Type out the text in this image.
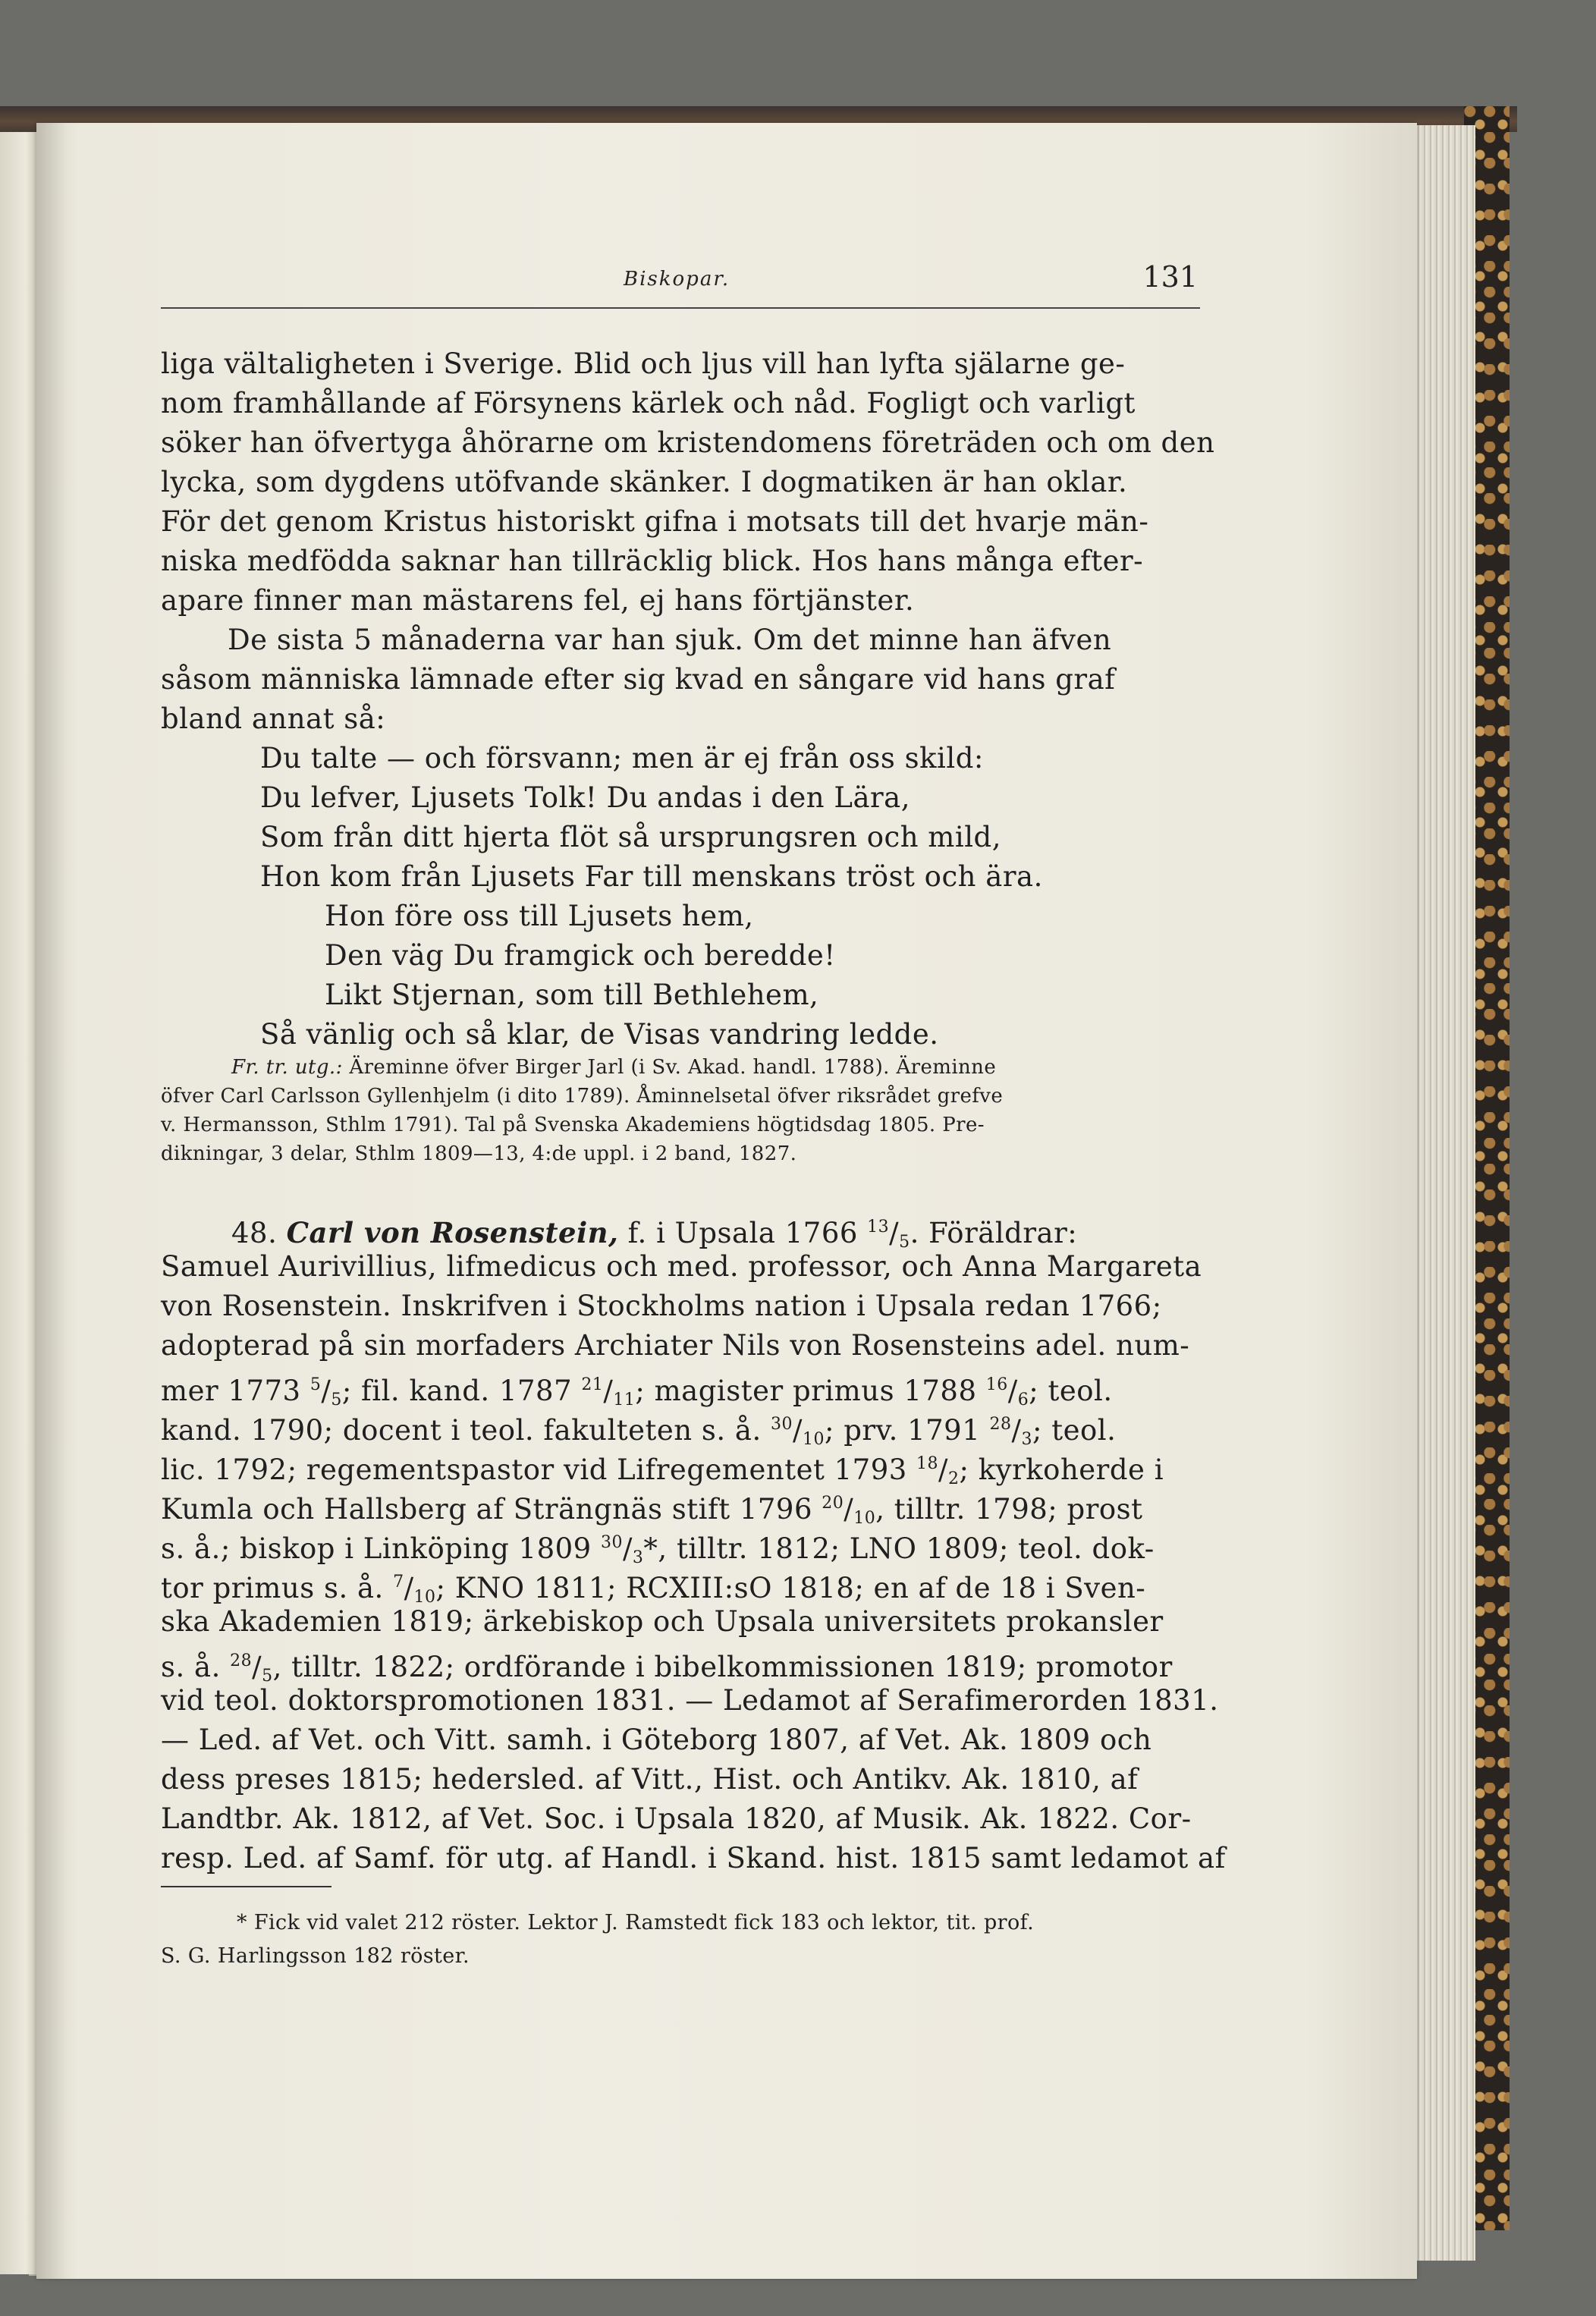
Biskopar.	131
liga vältaligheten i Sverige. Blid och ljus vill han lyfta själarne ge-
nom framhållande af Försynens kärlek och nåd. Fogligt och varligt
söker han öfvertyga åhörarne om kristendomens företräden och om den
lycka, som dygdens utöfvande skänker. I dogmatiken är han oklar.
För det genom Kristus historiskt gifna i motsats till det hvarje män-
niska medfödda saknar han tillräcklig blick. Hos hans många efter-
apare finner man mästarens fel, ej hans förtjänster.
De sista 5 månaderna var han sjuk. Om det minne han äfven
såsom människa lämnade efter sig kvad en sångare vid hans graf
bland annat så:
Du talte — och försvann; men är ej från oss skild:
Du lefver, Ljusets Tolk! Du andas i den Lära,
Som från ditt hjerta flöt så ursprungsren och mild,
Hon kom från Ljusets Far till menskans tröst och ära.
Hon före oss till Ljusets hem,
Den väg Du framgick och beredde!
Likt Stjernan, som till Bethlehem,
Så vänlig och så klar, de Visas vandring ledde.
Fr. tr. utg.: Äreminne öfver Birger Jarl (i Sv. Akad. handl. 1788). Äreminne
öfver Carl Carlsson Gyllenhjelm (i dito 1789). Åminnelsetal öfver riksrådet grefve
v. Hermansson, Sthlm 1791). Tal på Svenska Akademiens högtidsdag 1805. Pre-
dikningar, 3 delar, Sthlm 1809—13, 4:de uppl. i 2 band, 1827.
48. Carl von Rosenstein, f. i Upsala 1766 $^{13}/_5$. Föräldrar:
Samuel Aurivillius, lifmedicus och med. professor, och Anna Margareta
von Rosenstein. Inskrifven i Stockholms nation i Upsala redan 1766;
adopterad på sin morfaders Archiater Nils von Rosensteins adel. num-
mer 1773 $^5/_5$; fil. kand. 1787 $^{21}/_{11}$; magister primus 1788 $^{16}/_6$; teol.
kand. 1790; docent i teol. fakulteten s. å. $^{30}/_{10}$; prv. 1791 $^{28}/_3$; teol.
lic. 1792; regementspastor vid Lifregementet 1793 $^{18}/_2$; kyrkoherde i
Kumla och Hallsberg af Strängnäs stift 1796 $^{20}/_{10}$, tilltr. 1798; prost
s. å.; biskop i Linköping 1809 $^{30}/_3*$, tilltr. 1812; LNO 1809; teol. dok-
tor primus s. å. $^7/_{10}$; KNO 1811; RCXIII:sO 1818; en af de 18 i Sven-
ska Akademien 1819; ärkebiskop och Upsala universitets prokansler
s. å. $^{28}/_5$, tilltr. 1822; ordförande i bibelkommissionen 1819; promotor
vid teol. doktorspromotionen 1831. — Ledamot af Serafimerorden 1831.
— Led. af Vet. och Vitt. samh. i Göteborg 1807, af Vet. Ak. 1809 och
dess preses 1815; hedersled. af Vitt., Hist. och Antikv. Ak. 1810, af
Landtbr. Ak. 1812, af Vet. Soc. i Upsala 1820, af Musik. Ak. 1822. Cor-
resp. Led. af Samf. för utg. af Handl. i Skand. hist. 1815 samt ledamot af
* Fick vid valet 212 röster. Lektor J. Ramstedt fick 183 och lektor, tit. prof.
S. G. Harlingsson 182 röster.
